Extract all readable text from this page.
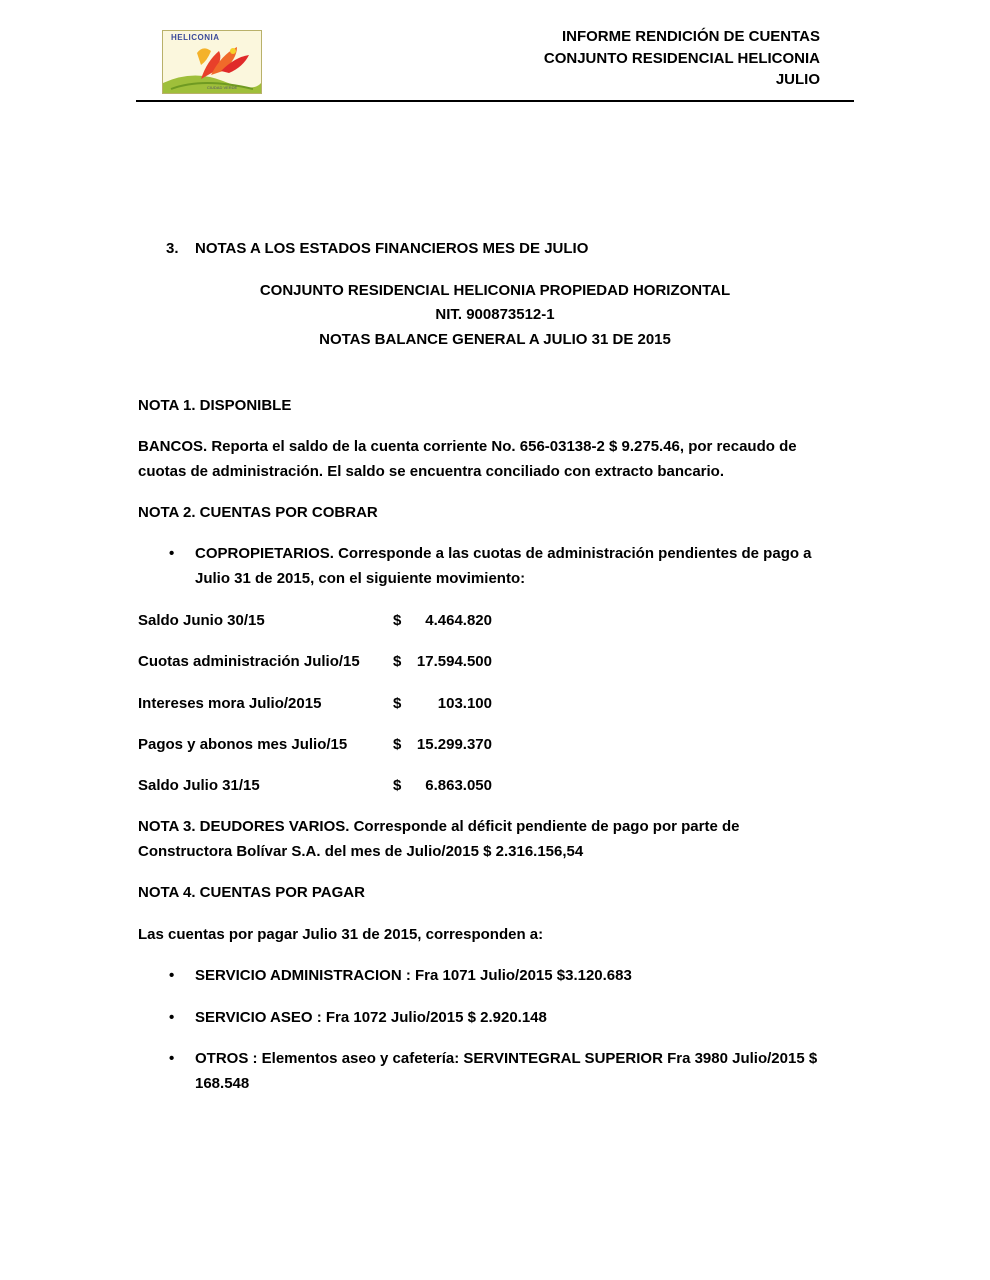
HELICONIA
CIUDAD VERDE
INFORME RENDICIÓN DE CUENTAS
CONJUNTO RESIDENCIAL HELICONIA
JULIO
3. NOTAS A LOS ESTADOS FINANCIEROS MES DE JULIO
CONJUNTO RESIDENCIAL HELICONIA PROPIEDAD HORIZONTAL
NIT. 900873512-1
NOTAS BALANCE GENERAL A JULIO 31 DE 2015
NOTA 1. DISPONIBLE
BANCOS. Reporta el saldo de la cuenta corriente No. 656-03138-2 $ 9.275.46, por recaudo de
cuotas de administración. El saldo se encuentra conciliado con extracto bancario.
NOTA 2. CUENTAS POR COBRAR
• COPROPIETARIOS. Corresponde a las cuotas de administración pendientes de pago a
Julio 31 de 2015, con el siguiente movimiento:
Saldo Junio 30/15	$	4.464.820
Cuotas administración Julio/15 $	17.594.500
Intereses mora Julio/2015	$	103.100
Pagos y abonos mes Julio/15	$	15.299.370
Saldo Julio 31/15	$	6.863.050
NOTA 3. DEUDORES VARIOS. Corresponde al déficit pendiente de pago por parte de
Constructora Bolívar S.A. del mes de Julio/2015 $ 2.316.156,54
NOTA 4. CUENTAS POR PAGAR
Las cuentas por pagar Julio 31 de 2015, corresponden a:
• SERVICIO ADMINISTRACION : Fra 1071 Julio/2015 $3.120.683
• SERVICIO ASEO : Fra 1072 Julio/2015 $ 2.920.148
• OTROS : Elementos aseo y cafetería: SERVINTEGRAL SUPERIOR Fra 3980 Julio/2015 $
168.548
